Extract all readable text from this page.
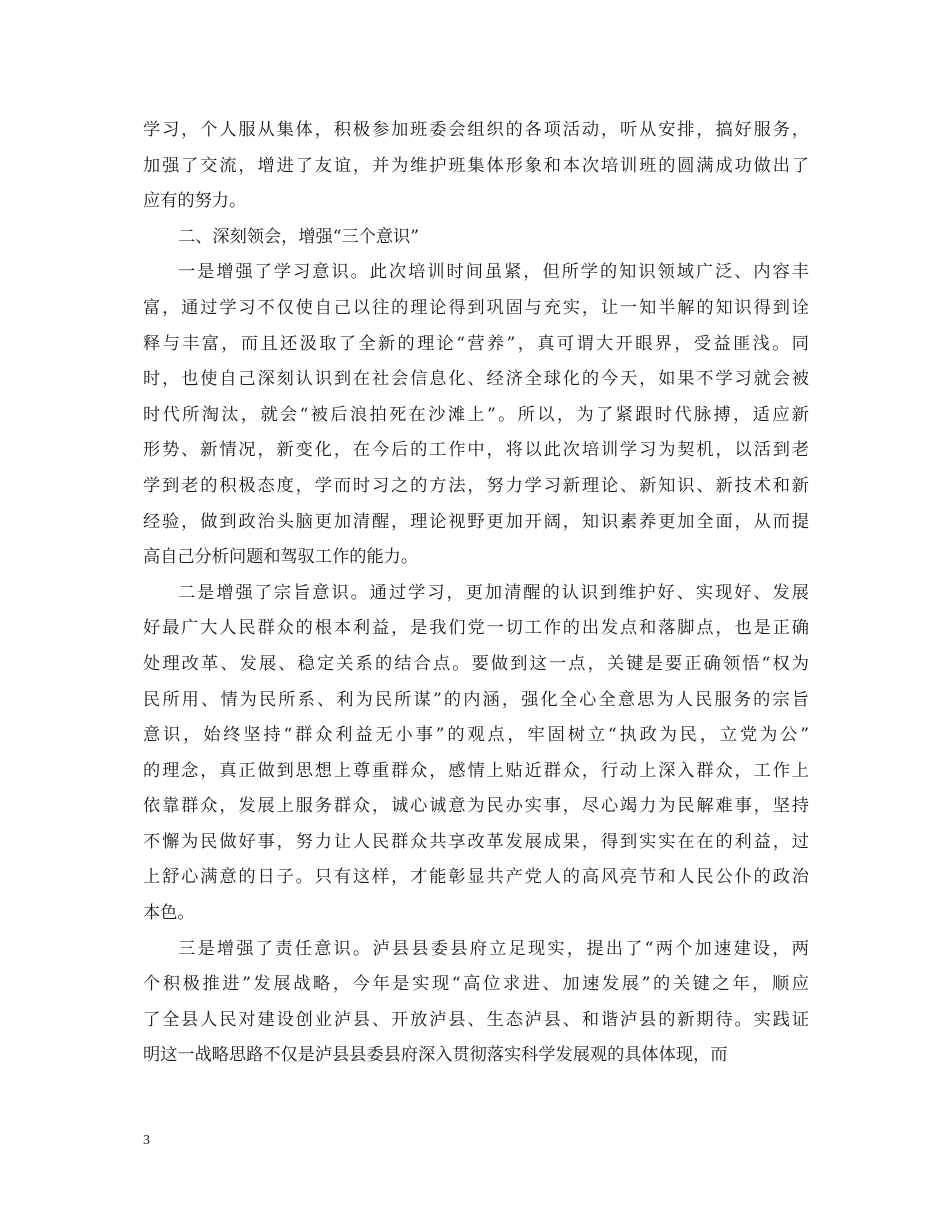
学习，个人服从集体，积极参加班委会组织的各项活动，听从安排，搞好服务，
加强了交流，增进了友谊，并为维护班集体形象和本次培训班的圆满成功做出了
应有的努力。
二、深刻领会，增强“三个意识”
一是增强了学习意识。此次培训时间虽紧，但所学的知识领域广泛、内容丰
富，通过学习不仅使自己以往的理论得到巩固与充实，让一知半解的知识得到诠
释与丰富，而且还汲取了全新的理论“营养”，真可谓大开眼界，受益匪浅。同
时，也使自己深刻认识到在社会信息化、经济全球化的今天，如果不学习就会被
时代所淘汰，就会“被后浪拍死在沙滩上”。所以，为了紧跟时代脉搏，适应新
形势、新情况，新变化，在今后的工作中，将以此次培训学习为契机，以活到老
学到老的积极态度，学而时习之的方法，努力学习新理论、新知识、新技术和新
经验，做到政治头脑更加清醒，理论视野更加开阔，知识素养更加全面，从而提
高自己分析问题和驾驭工作的能力。
二是增强了宗旨意识。通过学习，更加清醒的认识到维护好、实现好、发展
好最广大人民群众的根本利益，是我们党一切工作的出发点和落脚点，也是正确
处理改革、发展、稳定关系的结合点。要做到这一点，关键是要正确领悟“权为
民所用、情为民所系、利为民所谋”的内涵，强化全心全意思为人民服务的宗旨
意识，始终坚持“群众利益无小事”的观点，牢固树立“执政为民，立党为公”
的理念，真正做到思想上尊重群众，感情上贴近群众，行动上深入群众，工作上
依靠群众，发展上服务群众，诚心诚意为民办实事，尽心竭力为民解难事，坚持
不懈为民做好事，努力让人民群众共享改革发展成果，得到实实在在的利益，过
上舒心满意的日子。只有这样，才能彰显共产党人的高风亮节和人民公仆的政治
本色。
三是增强了责任意识。泸县县委县府立足现实，提出了“两个加速建设，两
个积极推进”发展战略，今年是实现“高位求进、加速发展”的关键之年，顺应
了全县人民对建设创业泸县、开放泸县、生态泸县、和谐泸县的新期待。实践证
明这一战略思路不仅是泸县县委县府深入贯彻落实科学发展观的具体体现，而
3
